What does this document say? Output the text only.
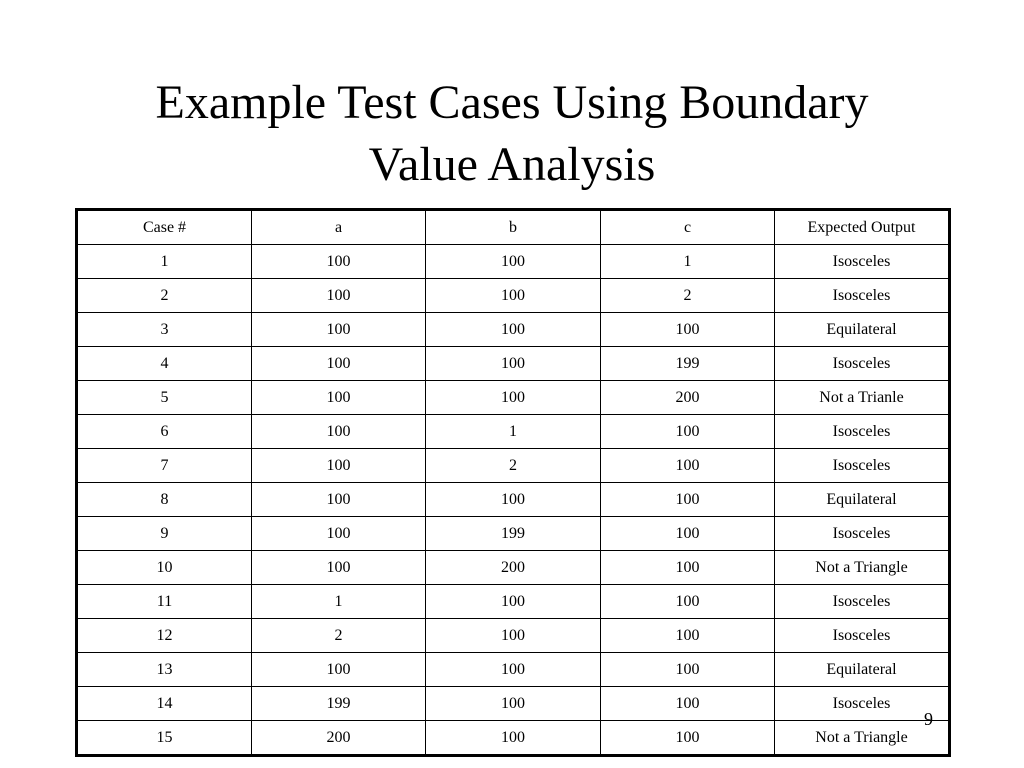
Example Test Cases Using Boundary
Value Analysis
Case #	a	b	c	Expected Output
1	100	100	1	Isosceles
2	100	100	2	Isosceles
3	100	100	100	Equilateral
4	100	100	199	Isosceles
5	100	100	200	Not a Trianle
6	100	1	100	Isosceles
7	100	2	100	Isosceles
8	100	100	100	Equilateral
9	100	199	100	Isosceles
10	100	200	100	Not a Triangle
11	1	100	100	Isosceles
12	2	100	100	Isosceles
13	100	100	100	Equilateral
14	199	100	100	Isosceles
15	200	100	100	Not a Triangle
9
